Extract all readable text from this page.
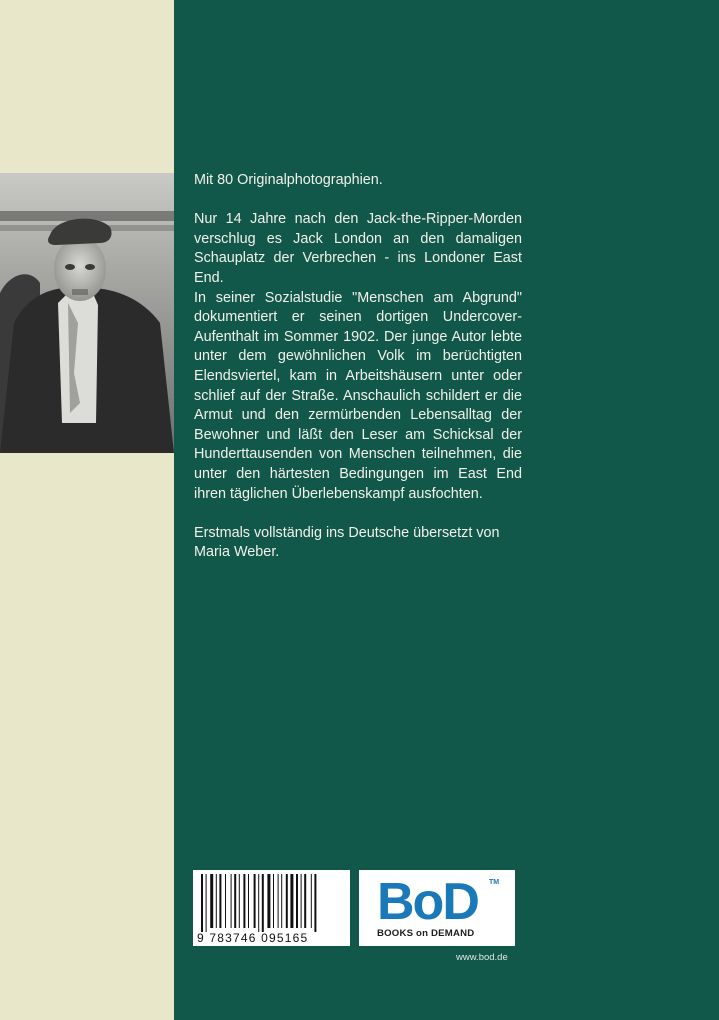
Mit 80 Originalphotographien.

Nur 14 Jahre nach den Jack-the-Ripper-Morden verschlug es Jack London an den damaligen Schauplatz der Verbrechen - ins Londoner East End.

In seiner Sozialstudie "Menschen am Abgrund" dokumentiert er seinen dortigen Undercover-Aufenthalt im Sommer 1902. Der junge Autor lebte unter dem gewöhnlichen Volk im berüchtigten Elendsviertel, kam in Arbeitshäusern unter oder schlief auf der Straße. Anschaulich schildert er die Armut und den zermürbenden Lebensalltag der Bewohner und läßt den Leser am Schicksal der Hunderttausenden von Menschen teilnehmen, die unter den härtesten Bedingungen im East End ihren täglichen Überlebenskampf ausfochten.

Erstmals vollständig ins Deutsche übersetzt von Maria Weber.

9 783746 095165
BoD TM
BOOKS on DEMAND
www.bod.de
